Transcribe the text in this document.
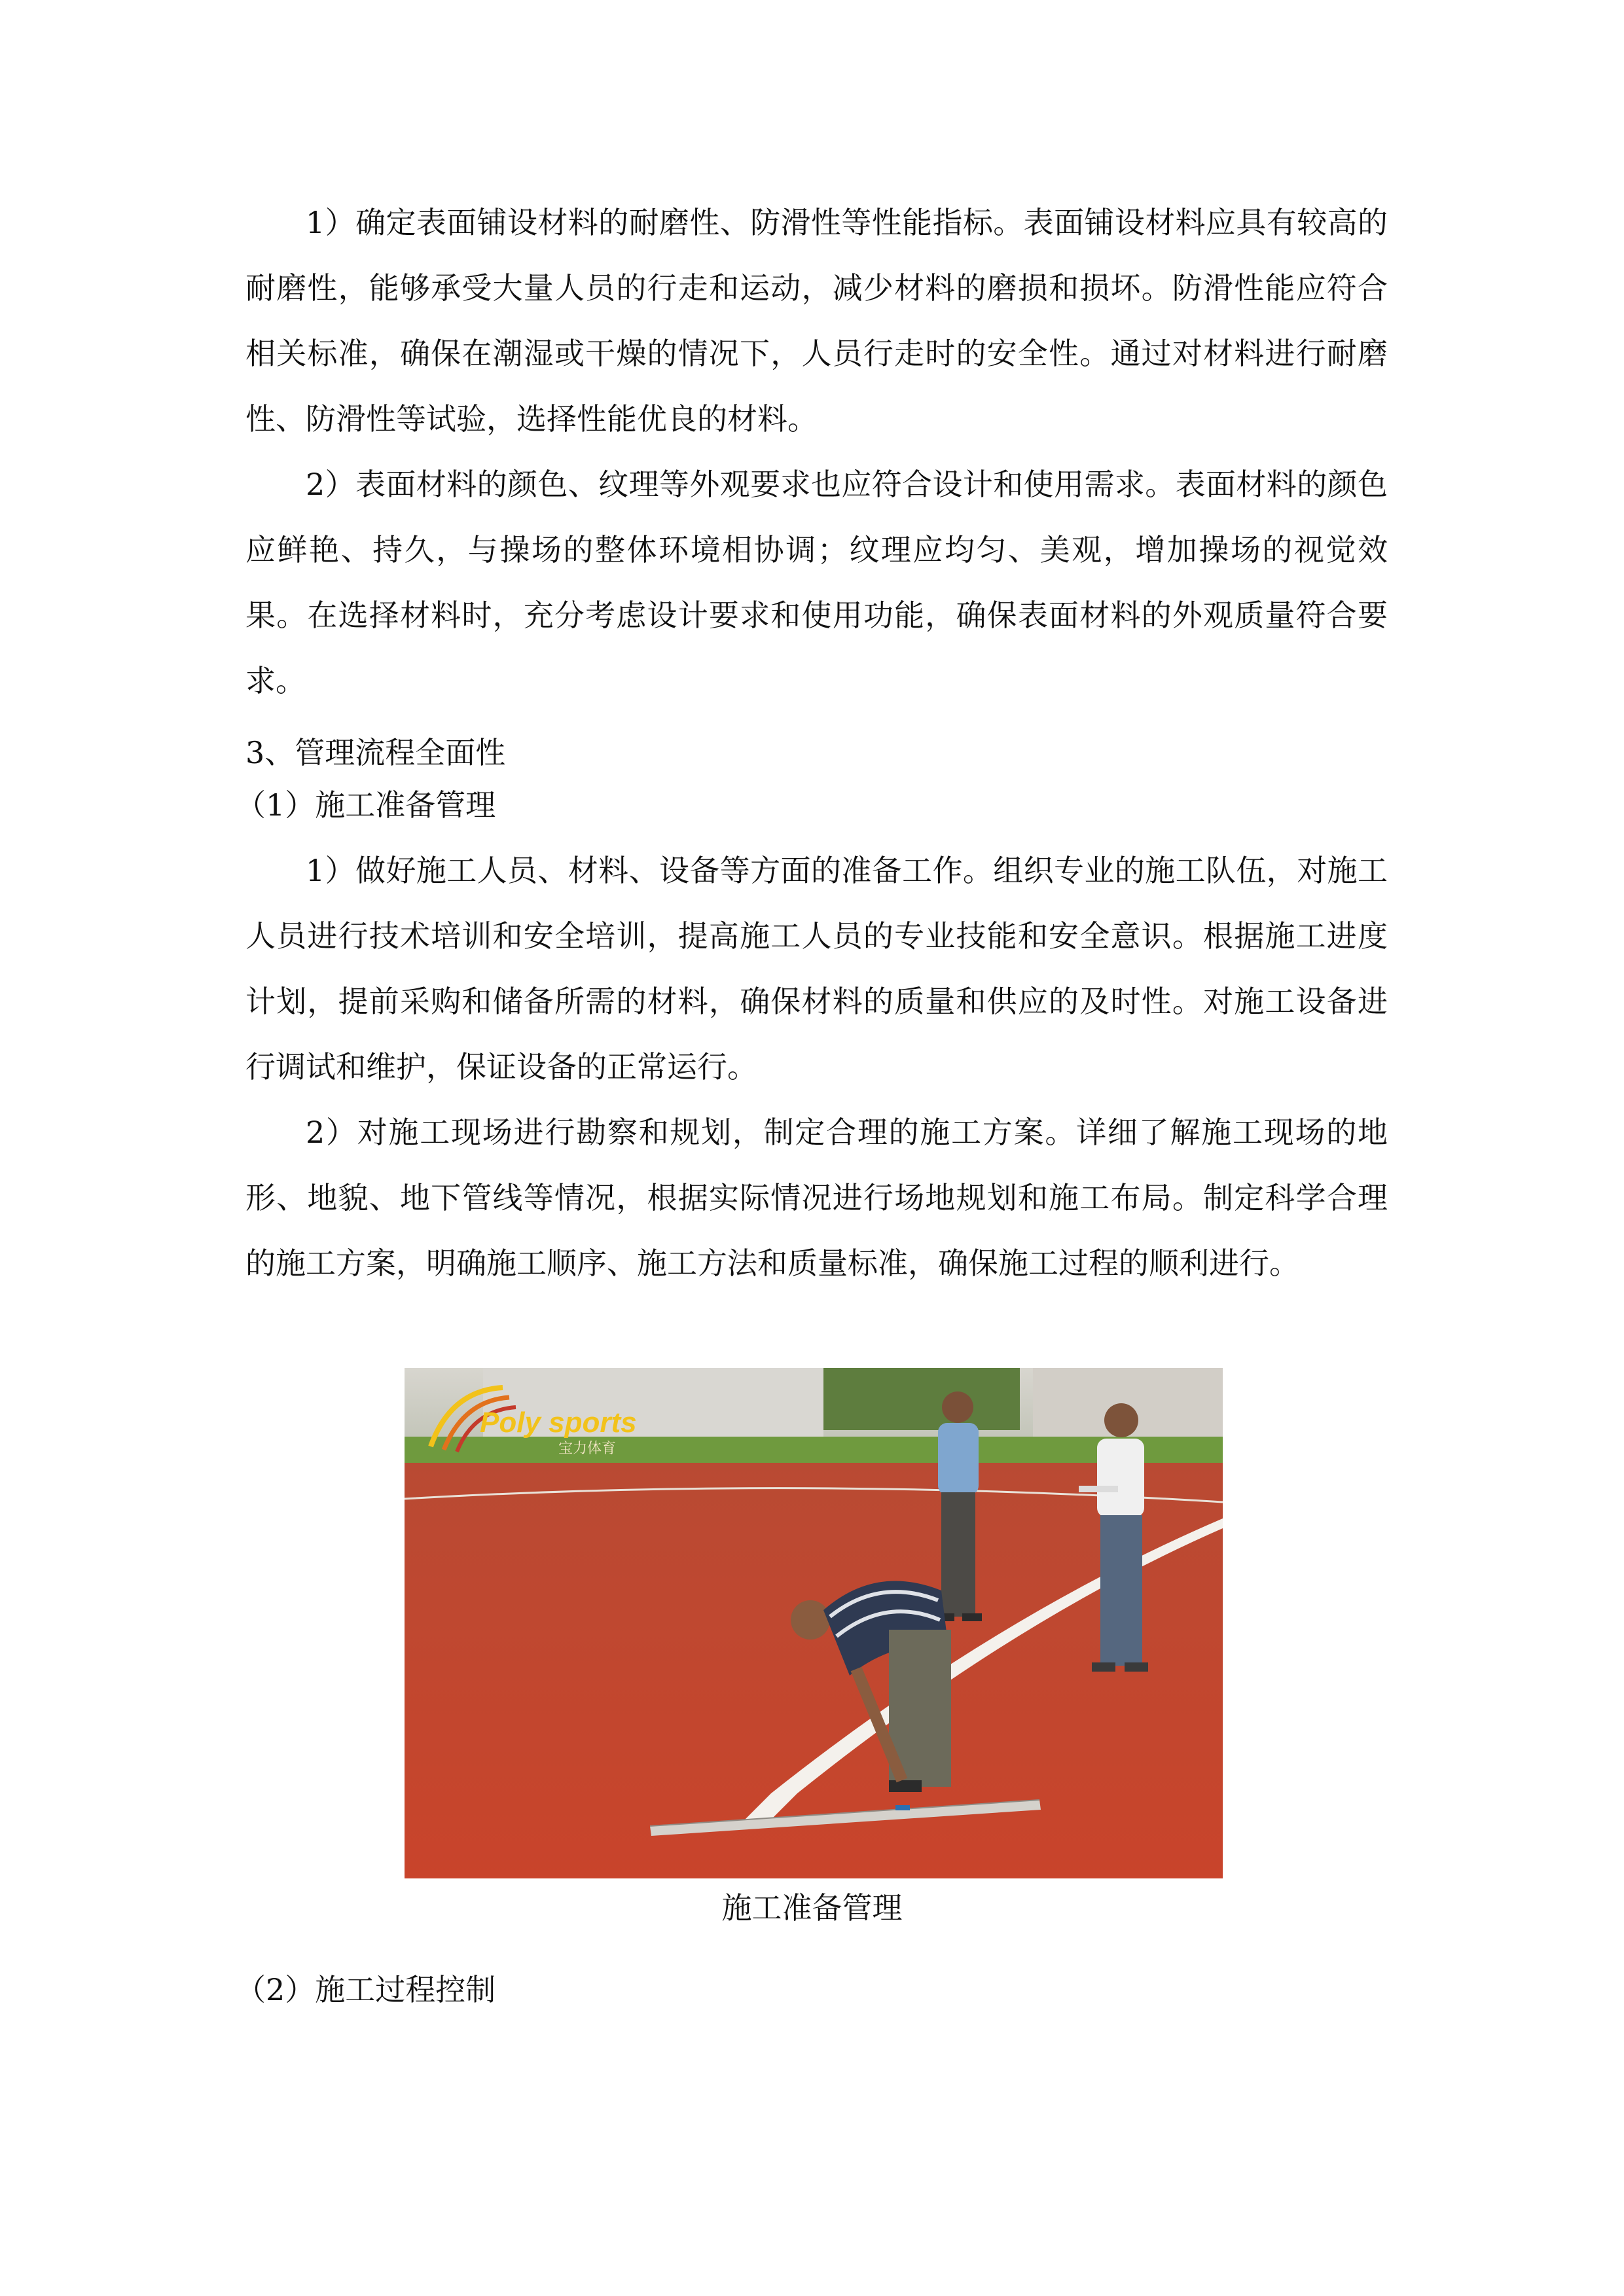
1）确定表面铺设材料的耐磨性、防滑性等性能指标。表面铺设材料应具有较高的耐磨性，能够承受大量人员的行走和运动，减少材料的磨损和损坏。防滑性能应符合相关标准，确保在潮湿或干燥的情况下，人员行走时的安全性。通过对材料进行耐磨性、防滑性等试验，选择性能优良的材料。

2）表面材料的颜色、纹理等外观要求也应符合设计和使用需求。表面材料的颜色应鲜艳、持久，与操场的整体环境相协调；纹理应均匀、美观，增加操场的视觉效果。在选择材料时，充分考虑设计要求和使用功能，确保表面材料的外观质量符合要求。

3、管理流程全面性

（1）施工准备管理

1）做好施工人员、材料、设备等方面的准备工作。组织专业的施工队伍，对施工人员进行技术培训和安全培训，提高施工人员的专业技能和安全意识。根据施工进度计划，提前采购和储备所需的材料，确保材料的质量和供应的及时性。对施工设备进行调试和维护，保证设备的正常运行。

2）对施工现场进行勘察和规划，制定合理的施工方案。详细了解施工现场的地形、地貌、地下管线等情况，根据实际情况进行场地规划和施工布局。制定科学合理的施工方案，明确施工顺序、施工方法和质量标准，确保施工过程的顺利进行。

Poly sports
宝力体育

施工准备管理

（2）施工过程控制
